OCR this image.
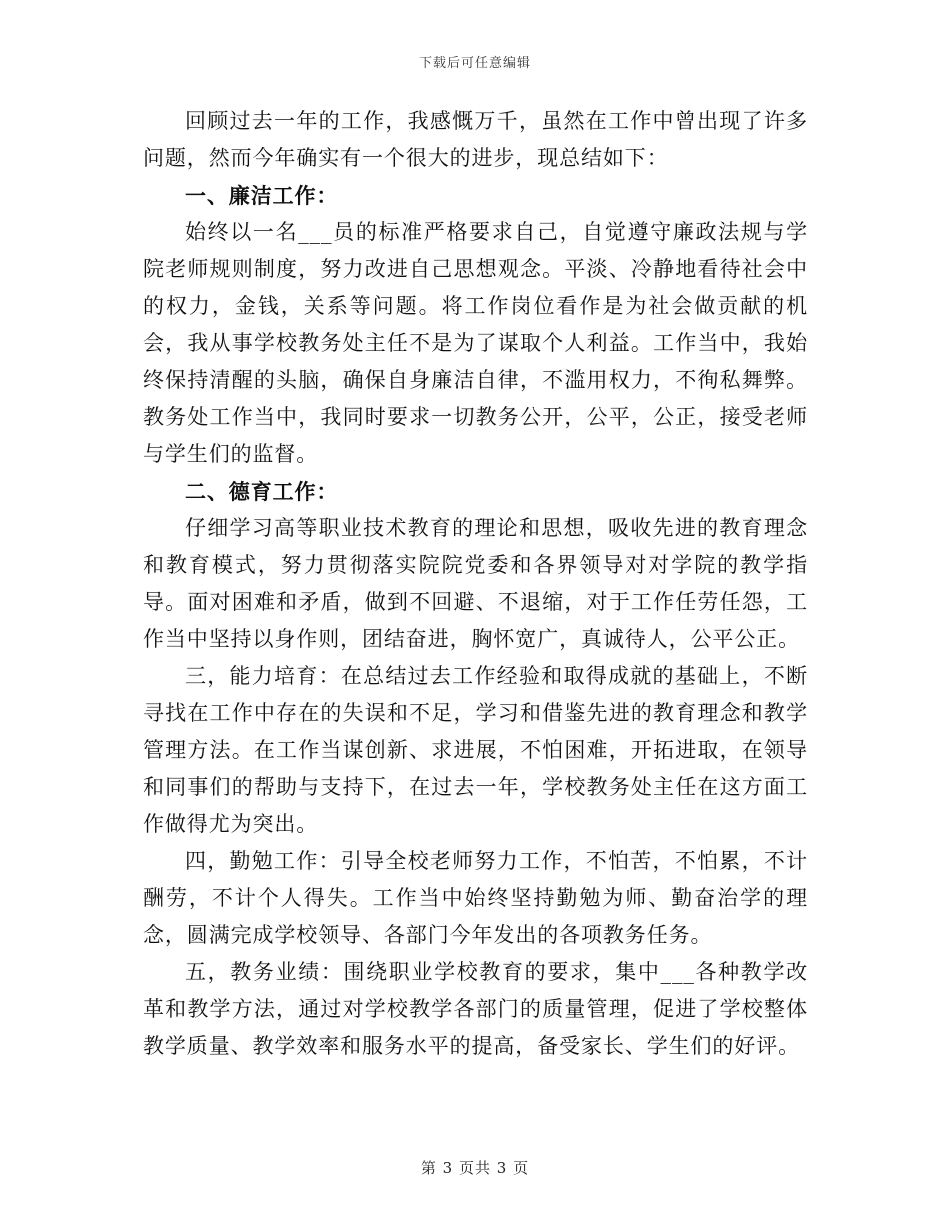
下载后可任意编辑

回顾过去一年的工作，我感慨万千，虽然在工作中曾出现了许多问题，然而今年确实有一个很大的进步，现总结如下：

一、廉洁工作：

始终以一名___员的标准严格要求自己，自觉遵守廉政法规与学院老师规则制度，努力改进自己思想观念。平淡、冷静地看待社会中的权力，金钱，关系等问题。将工作岗位看作是为社会做贡献的机会，我从事学校教务处主任不是为了谋取个人利益。工作当中，我始终保持清醒的头脑，确保自身廉洁自律，不滥用权力，不徇私舞弊。教务处工作当中，我同时要求一切教务公开，公平，公正，接受老师与学生们的监督。

二、德育工作：

仔细学习高等职业技术教育的理论和思想，吸收先进的教育理念和教育模式，努力贯彻落实院院党委和各界领导对对学院的教学指导。面对困难和矛盾，做到不回避、不退缩，对于工作任劳任怨，工作当中坚持以身作则，团结奋进，胸怀宽广，真诚待人，公平公正。

三，能力培育：在总结过去工作经验和取得成就的基础上，不断寻找在工作中存在的失误和不足，学习和借鉴先进的教育理念和教学管理方法。在工作当谋创新、求进展，不怕困难，开拓进取，在领导和同事们的帮助与支持下，在过去一年，学校教务处主任在这方面工作做得尤为突出。

四，勤勉工作：引导全校老师努力工作，不怕苦，不怕累，不计酬劳，不计个人得失。工作当中始终坚持勤勉为师、勤奋治学的理念，圆满完成学校领导、各部门今年发出的各项教务任务。

五，教务业绩：围绕职业学校教育的要求，集中___各种教学改革和教学方法，通过对学校教学各部门的质量管理，促进了学校整体教学质量、教学效率和服务水平的提高，备受家长、学生们的好评。

第 3 页共 3 页
